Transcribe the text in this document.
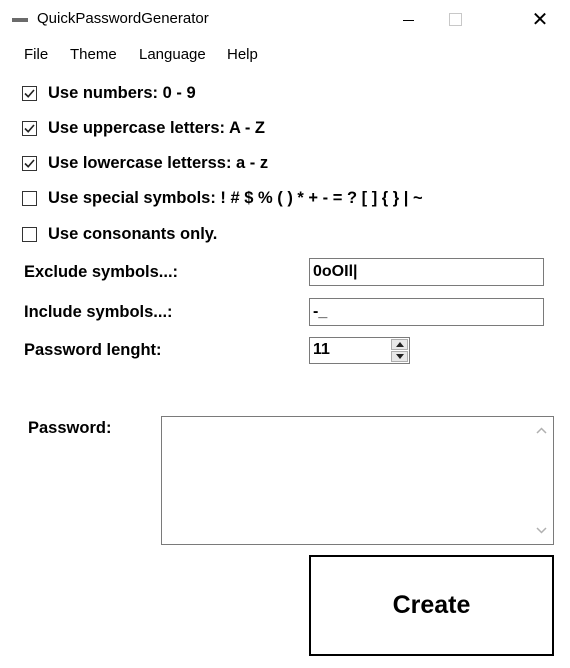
QuickPasswordGenerator	✕
File Theme Language Help
Use numbers: 0 - 9
Use uppercase letters: A - Z
Use lowercase letterss: a - z
Use special symbols: ! # $ % ( ) * + - = ? [ ] { } | ~
Use consonants only.
Exclude symbols...:
0oOIl|
Include symbols...:
-_
Password lenght:	11
Password:
Create
